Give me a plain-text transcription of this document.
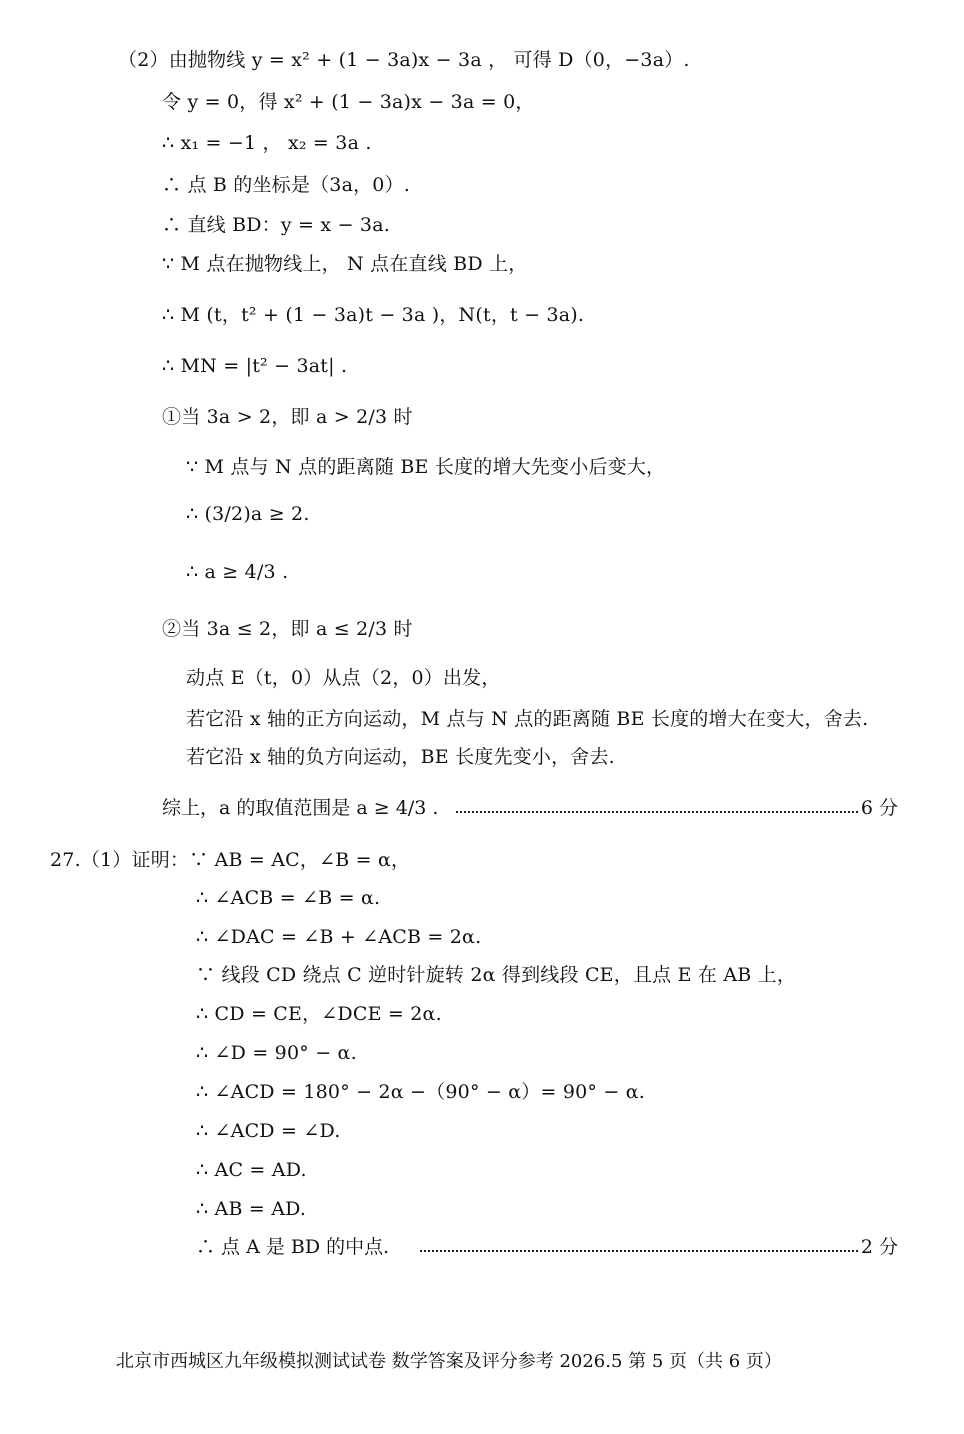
（2）由抛物线 y = x² + (1 − 3a)x − 3a ， 可得 D（0，−3a）.
令 y = 0，得 x² + (1 − 3a)x − 3a = 0，
∴ x₁ = −1 ， x₂ = 3a .
∴ 点 B 的坐标是（3a，0）.
∴ 直线 BD：y = x − 3a.
∵ M 点在抛物线上， N 点在直线 BD 上，
∴ M (t，t² + (1 − 3a)t − 3a )，N(t，t − 3a).
∴ MN = |t² − 3at| .
①当 3a > 2，即 a > 2/3 时
∵ M 点与 N 点的距离随 BE 长度的增大先变小后变大，
∴ (3/2)a ≥ 2.
∴ a ≥ 4/3 .
②当 3a ≤ 2，即 a ≤ 2/3 时
动点 E（t，0）从点（2，0）出发，
若它沿 x 轴的正方向运动，M 点与 N 点的距离随 BE 长度的增大在变大，舍去.
若它沿 x 轴的负方向运动，BE 长度先变小，舍去.
综上，a 的取值范围是 a ≥ 4/3 .	6 分
27.（1）证明：∵ AB = AC，∠B = α，
∴ ∠ACB = ∠B = α.
∴ ∠DAC = ∠B + ∠ACB = 2α.
∵ 线段 CD 绕点 C 逆时针旋转 2α 得到线段 CE，且点 E 在 AB 上，
∴ CD = CE，∠DCE = 2α.
∴ ∠D = 90° − α.
∴ ∠ACD = 180° − 2α −（90° − α）= 90° − α.
∴ ∠ACD = ∠D.
∴ AC = AD.
∴ AB = AD.
∴ 点 A 是 BD 的中点.	2 分
北京市西城区九年级模拟测试试卷 数学答案及评分参考 2026.5 第 5 页（共 6 页）
